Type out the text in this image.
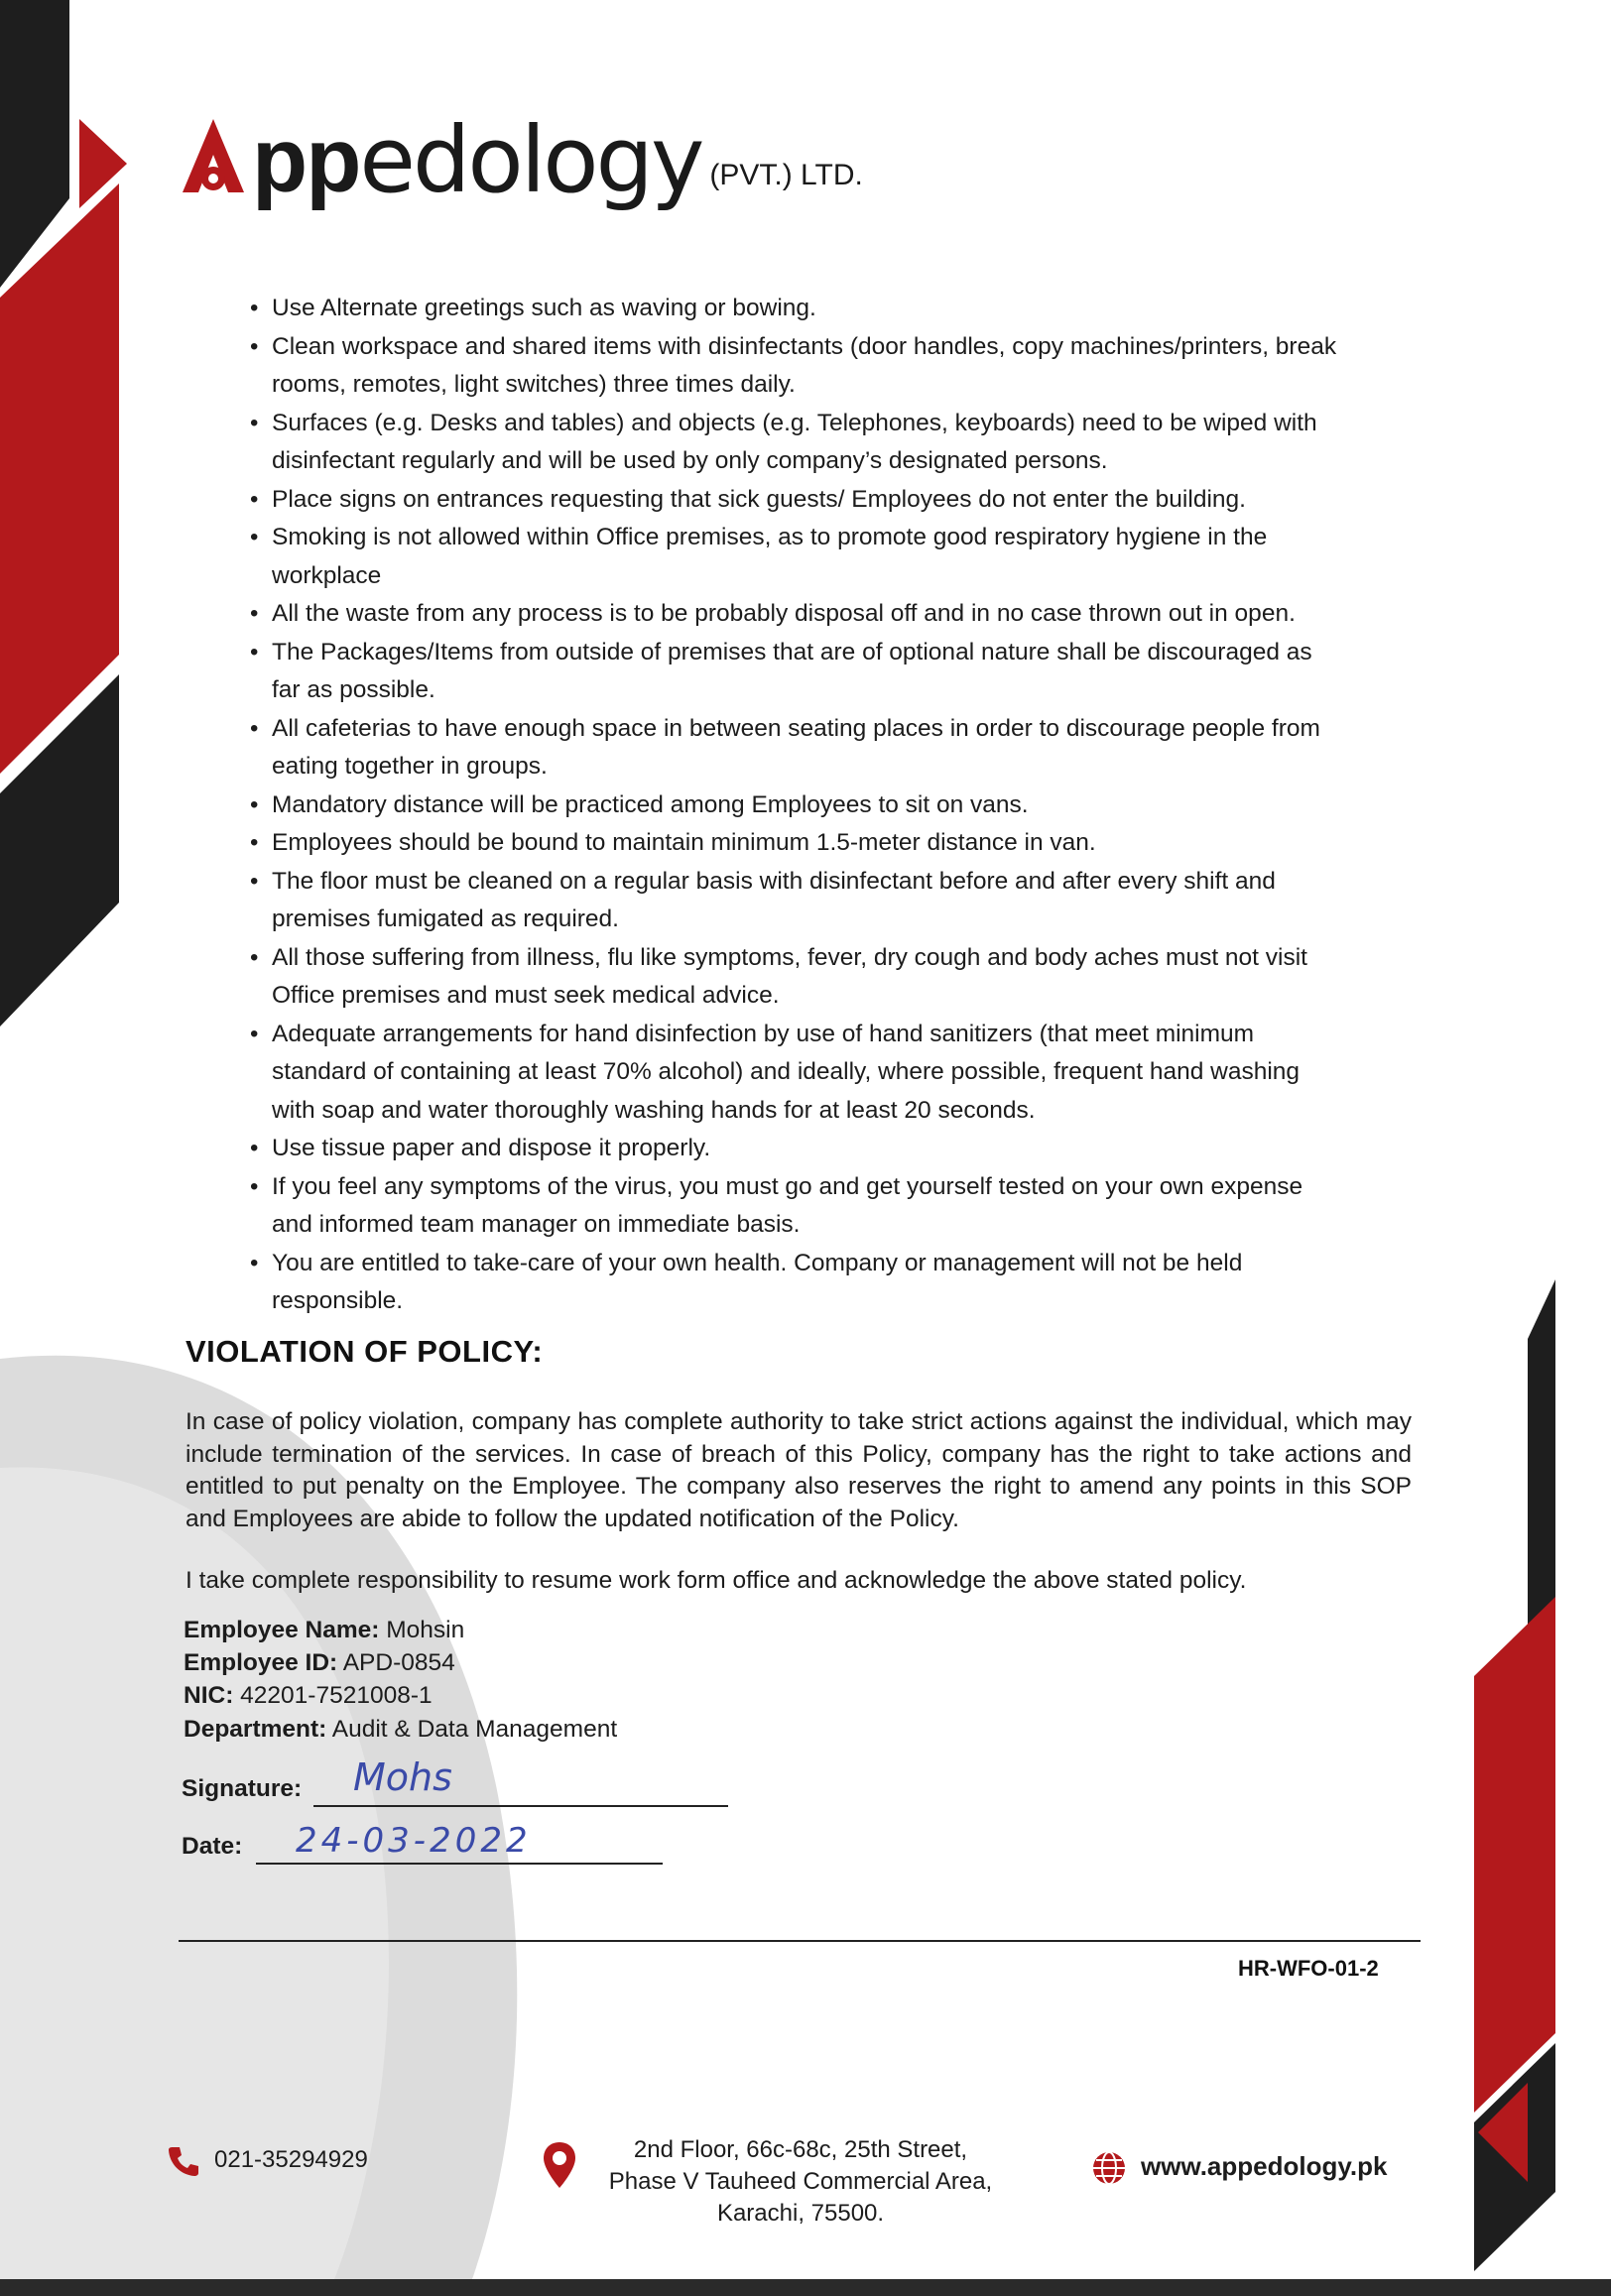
pp edology (PVT.) LTD.
• Use Alternate greetings such as waving or bowing.
• Clean workspace and shared items with disinfectants (door handles, copy machines/printers, break
rooms, remotes, light switches) three times daily.
• Surfaces (e.g. Desks and tables) and objects (e.g. Telephones, keyboards) need to be wiped with
disinfectant regularly and will be used by only company’s designated persons.
• Place signs on entrances requesting that sick guests/ Employees do not enter the building.
• Smoking is not allowed within Office premises, as to promote good respiratory hygiene in the
workplace
• All the waste from any process is to be probably disposal off and in no case thrown out in open.
• The Packages/Items from outside of premises that are of optional nature shall be discouraged as
far as possible.
• All cafeterias to have enough space in between seating places in order to discourage people from
eating together in groups.
• Mandatory distance will be practiced among Employees to sit on vans.
• Employees should be bound to maintain minimum 1.5-meter distance in van.
• The floor must be cleaned on a regular basis with disinfectant before and after every shift and
premises fumigated as required.
• All those suffering from illness, flu like symptoms, fever, dry cough and body aches must not visit
Office premises and must seek medical advice.
• Adequate arrangements for hand disinfection by use of hand sanitizers (that meet minimum
standard of containing at least 70% alcohol) and ideally, where possible, frequent hand washing
with soap and water thoroughly washing hands for at least 20 seconds.
• Use tissue paper and dispose it properly.
• If you feel any symptoms of the virus, you must go and get yourself tested on your own expense
and informed team manager on immediate basis.
• You are entitled to take-care of your own health. Company or management will not be held
responsible.
VIOLATION OF POLICY:
In case of policy violation, company has complete authority to take strict actions against the individual, which may include termination of the services. In case of breach of this Policy, company has the right to take actions and entitled to put penalty on the Employee. The company also reserves the right to amend any points in this SOP and Employees are abide to follow the updated notification of the Policy.
I take complete responsibility to resume work form office and acknowledge the above stated policy.
Employee Name: Mohsin
Employee ID: APD-0854
NIC: 42201-7521008-1
Department: Audit & Data Management
Signature: Mohs
Date: 24-03-2022
HR-WFO-01-2
021-35294929	2nd Floor, 66c-68c, 25th Street,
Phase V Tauheed Commercial Area,
Karachi, 75500.
www.appedology.pk
